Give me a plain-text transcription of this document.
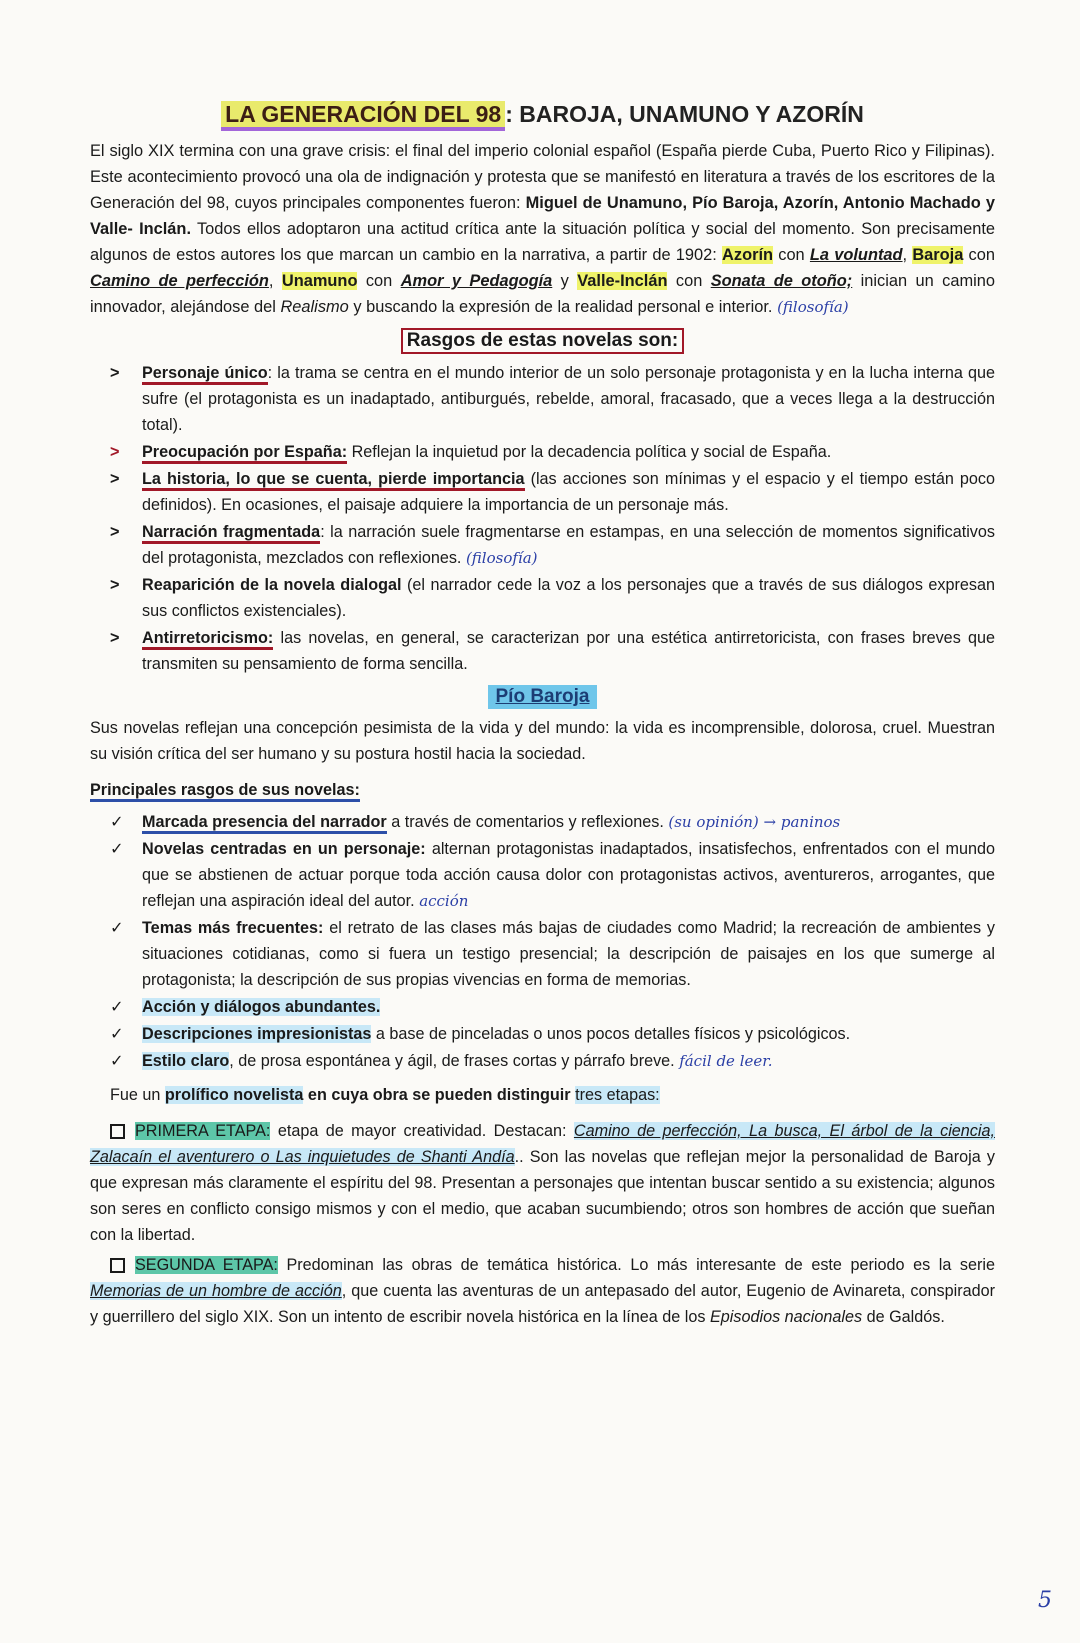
LA GENERACIÓN DEL 98 : BAROJA, UNAMUNO Y AZORÍN

El siglo XIX termina con una grave crisis: el final del imperio colonial español (España pierde Cuba, Puerto Rico y Filipinas). Este acontecimiento provocó una ola de indignación y protesta que se manifestó en literatura a través de los escritores de la Generación del 98, cuyos principales componentes fueron: Miguel de Unamuno, Pío Baroja, Azorín, Antonio Machado y Valle- Inclán. Todos ellos adoptaron una actitud crítica ante la situación política y social del momento. Son precisamente algunos de estos autores los que marcan un cambio en la narrativa, a partir de 1902: Azorín con La voluntad, Baroja con Camino de perfección, Unamuno con Amor y Pedagogía y Valle-Inclán con Sonata de otoño; inician un camino innovador, alejándose del Realismo y buscando la expresión de la realidad personal e interior. (filosofía)

Rasgos de estas novelas son:
> Personaje único: la trama se centra en el mundo interior de un solo personaje protagonista y en la lucha interna que sufre (el protagonista es un inadaptado, antiburgués, rebelde, amoral, fracasado, que a veces llega a la destrucción total).
> Preocupación por España: Reflejan la inquietud por la decadencia política y social de España.
> La historia, lo que se cuenta, pierde importancia (las acciones son mínimas y el espacio y el tiempo están poco definidos). En ocasiones, el paisaje adquiere la importancia de un personaje más.
> Narración fragmentada: la narración suele fragmentarse en estampas, en una selección de momentos significativos del protagonista, mezclados con reflexiones. (filosofía)
> Reaparición de la novela dialogal (el narrador cede la voz a los personajes que a través de sus diálogos expresan sus conflictos existenciales).
> Antirretoricismo: las novelas, en general, se caracterizan por una estética antirretoricista, con frases breves que transmiten su pensamiento de forma sencilla.
Pío Baroja

Sus novelas reflejan una concepción pesimista de la vida y del mundo: la vida es incomprensible, dolorosa, cruel. Muestran su visión crítica del ser humano y su postura hostil hacia la sociedad.

Principales rasgos de sus novelas:

✓ Marcada presencia del narrador a través de comentarios y reflexiones. (su opinión) → paninos
✓ Novelas centradas en un personaje: alternan protagonistas inadaptados, insatisfechos, enfrentados con el mundo que se abstienen de actuar porque toda acción causa dolor con protagonistas activos, aventureros, arrogantes, que reflejan una aspiración ideal del autor. acción
✓ Temas más frecuentes: el retrato de las clases más bajas de ciudades como Madrid; la recreación de ambientes y situaciones cotidianas, como si fuera un testigo presencial; la descripción de paisajes en los que sumerge al protagonista; la descripción de sus propias vivencias en forma de memorias.
✓ Acción y diálogos abundantes.
✓ Descripciones impresionistas a base de pinceladas o unos pocos detalles físicos y psicológicos.
✓ Estilo claro, de prosa espontánea y ágil, de frases cortas y párrafo breve. fácil de leer.

Fue un prolífico novelista en cuya obra se pueden distinguir tres etapas:

PRIMERA ETAPA: etapa de mayor creatividad. Destacan: Camino de perfección, La busca, El árbol de la ciencia, Zalacaín el aventurero o Las inquietudes de Shanti Andía.. Son las novelas que reflejan mejor la personalidad de Baroja y que expresan más claramente el espíritu del 98. Presentan a personajes que intentan buscar sentido a su existencia; algunos son seres en conflicto consigo mismos y con el medio, que acaban sucumbiendo; otros son hombres de acción que sueñan con la libertad.

SEGUNDA ETAPA: Predominan las obras de temática histórica. Lo más interesante de este periodo es la serie Memorias de un hombre de acción, que cuenta las aventuras de un antepasado del autor, Eugenio de Avinareta, conspirador y guerrillero del siglo XIX. Son un intento de escribir novela histórica en la línea de los Episodios nacionales de Galdós.

5
